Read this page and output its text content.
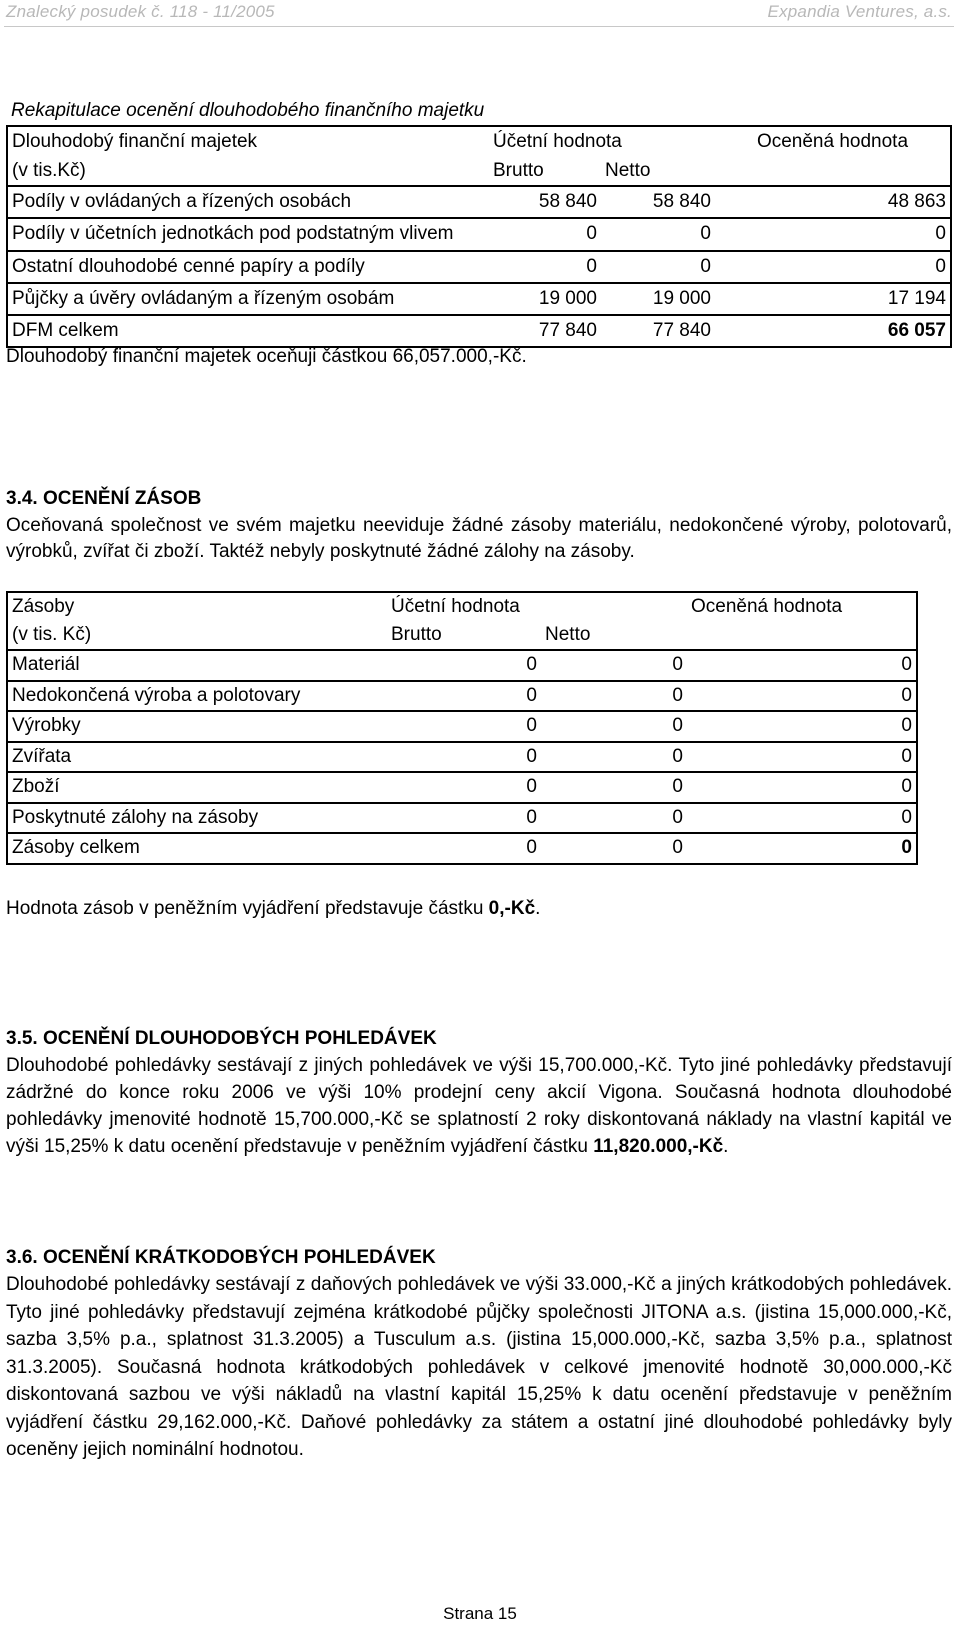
Znalecký posudek č. 118 - 11/2005	Expandia Ventures, a.s.
Rekapitulace ocenění dlouhodobého finančního majetku			
Dlouhodobý finanční majetek	Účetní hodnota		Oceněná hodnota
(v tis.Kč)	Brutto	Netto	
Podíly v ovládaných a řízených osobách	58 840	58 840	48 863
Podíly v účetních jednotkách pod podstatným vlivem	0	0	0
Ostatní dlouhodobé cenné papíry a podíly	0	0	0
Půjčky a úvěry ovládaným a řízeným osobám	19 000	19 000	17 194
DFM celkem	77 840	77 840	66 057

Dlouhodobý finanční majetek oceňuji částkou 66,057.000,-Kč.

3.4. OCENĚNÍ ZÁSOB

Oceňovaná společnost ve svém majetku neeviduje žádné zásoby materiálu, nedokončené výroby, polotovarů, výrobků, zvířat či zboží. Taktéž nebyly poskytnuté žádné zálohy na zásoby.

Zásoby	Účetní hodnota		Oceněná hodnota
(v tis. Kč)	Brutto	Netto	
Materiál	0	0	0
Nedokončená výroba a polotovary	0	0	0
Výrobky	0	0	0
Zvířata	0	0	0
Zboží	0	0	0
Poskytnuté zálohy na zásoby	0	0	0
Zásoby celkem	0	0	0

Hodnota zásob v peněžním vyjádření představuje částku 0,-Kč.

3.5. OCENĚNÍ DLOUHODOBÝCH POHLEDÁVEK

Dlouhodobé pohledávky sestávají z jiných pohledávek ve výši 15,700.000,-Kč. Tyto jiné pohledávky představují zádržné do konce roku 2006 ve výši 10% prodejní ceny akcií Vigona. Současná hodnota dlouhodobé pohledávky jmenovité hodnotě 15,700.000,-Kč se splatností 2 roky diskontovaná náklady na vlastní kapitál ve výši 15,25% k datu ocenění představuje v peněžním vyjádření částku 11,820.000,-Kč.

3.6. OCENĚNÍ KRÁTKODOBÝCH POHLEDÁVEK

Dlouhodobé pohledávky sestávají z daňových pohledávek ve výši 33.000,-Kč a jiných krátkodobých pohledávek. Tyto jiné pohledávky představují zejména krátkodobé půjčky společnosti JITONA a.s. (jistina 15,000.000,-Kč, sazba 3,5% p.a., splatnost 31.3.2005) a Tusculum a.s. (jistina 15,000.000,-Kč, sazba 3,5% p.a., splatnost 31.3.2005). Současná hodnota krátkodobých pohledávek v celkové jmenovité hodnotě 30,000.000,-Kč diskontovaná sazbou ve výši nákladů na vlastní kapitál 15,25% k datu ocenění představuje v peněžním vyjádření částku 29,162.000,-Kč. Daňové pohledávky za státem a ostatní jiné dlouhodobé pohledávky byly oceněny jejich nominální hodnotou.

Strana 15
